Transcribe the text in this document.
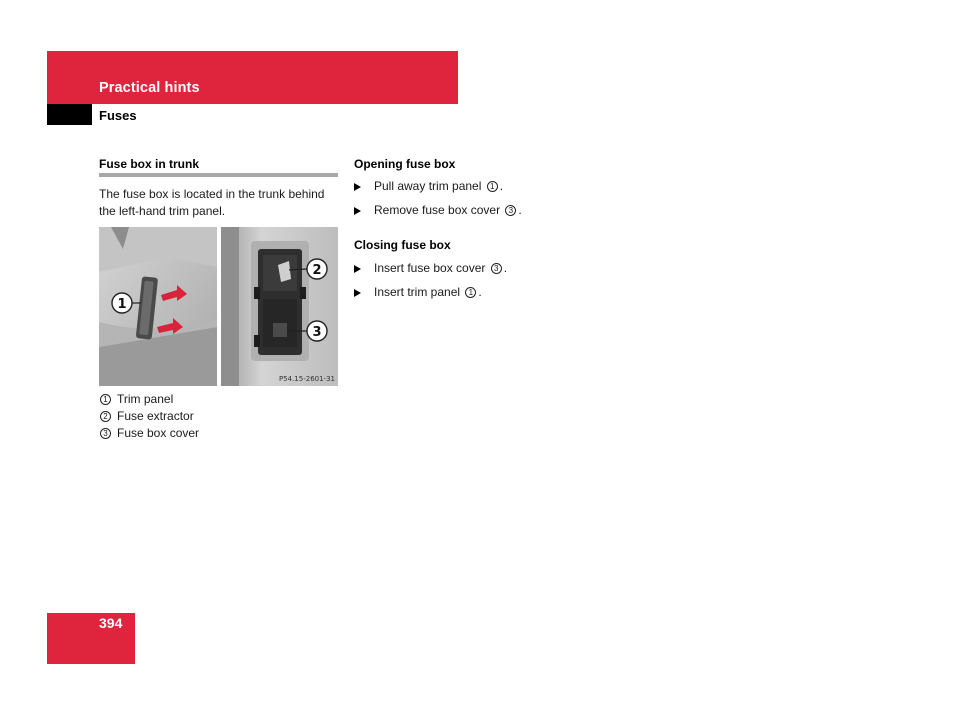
Practical hints
Fuses
Fuse box in trunk
The fuse box is located in the trunk behind
the left-hand trim panel.
1
2
3
P54.15-2601-31
1 Trim panel
2 Fuse extractor
3 Fuse box cover
Opening fuse box
Pull away trim panel
	1 .
Remove fuse box cover
	3 .
Closing fuse box
Insert fuse box cover
	3 .
Insert trim panel
	1 .
394
